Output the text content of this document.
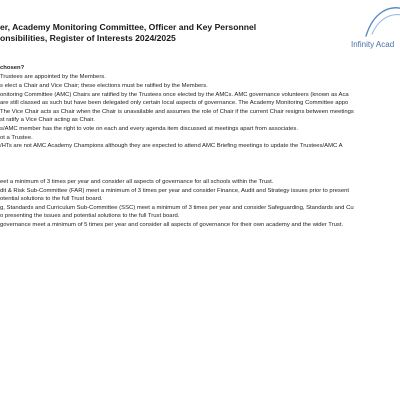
er, Academy Monitoring Committee, Officer and Key Personnel
onsibilities, Register of Interests 2024/2025
Infinity Acad
chosen?
Trustees are appointed by the Members.
s elect a Chair and Vice Chair; these elections must be ratified by the Members.
onitoring Committee (AMC) Chairs are ratified by the Trustees once elected by the AMCs. AMC governance volunteers (known as Aca
are still classed as such but have been delegated only certain local aspects of governance. The Academy Monitoring Committee appo
The Vice Chair acts as Chair when the Chair is unavailable and assumes the role of Chair if the current Chair resigns between meetings
st ratify a Vice Chair acting as Chair.
s/AMC member has the right to vote on each and every agenda item discussed at meetings apart from associates.
ot a Trustee.
/HTs are not AMC Academy Champions although they are expected to attend AMC Briefing meetings to update the Trustees/AMC A
eet a minimum of 3 times per year and consider all aspects of governance for all schools within the Trust.
dit & Risk Sub-Committee (FAR) meet a minimum of 3 times per year and consider Finance, Audit and Strategy issues prior to present
otential solutions to the full Trust board.
g, Standards and Curriculum Sub-Committee (SSC) meet a minimum of 3 times per year and consider Safeguarding, Standards and Cu
o presenting the issues and potential solutions to the full Trust board.
governance meet a minimum of 5 times per year and consider all aspects of governance for their own academy and the wider Trust.
